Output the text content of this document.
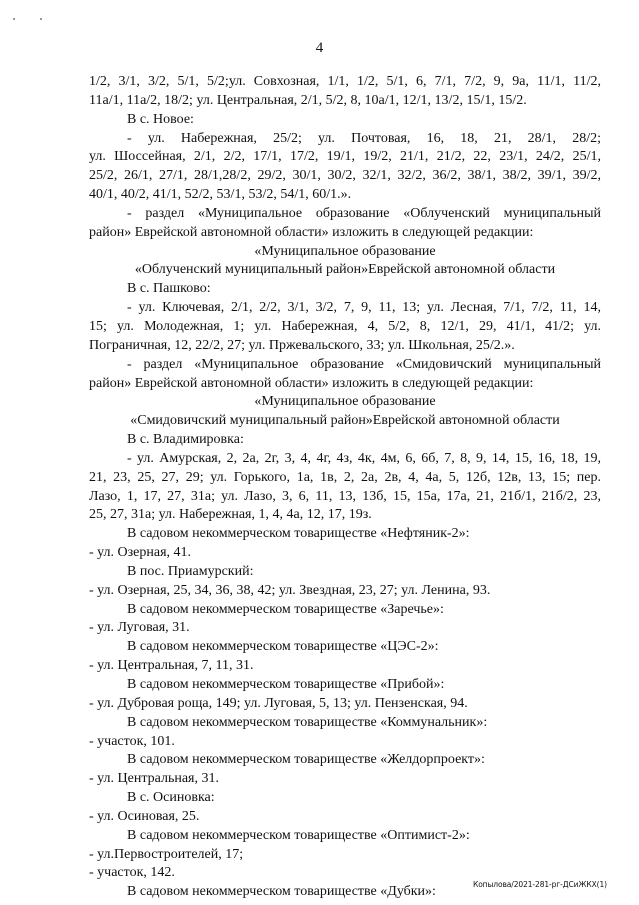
4

1/2, 3/1, 3/2, 5/1, 5/2;ул. Совхозная, 1/1, 1/2, 5/1, 6, 7/1, 7/2, 9, 9а, 11/1, 11/2,

11а/1, 11а/2, 18/2; ул. Центральная, 2/1, 5/2, 8, 10а/1, 12/1, 13/2, 15/1, 15/2.

В с. Новое:

- ул. Набережная, 25/2; ул. Почтовая, 16, 18, 21, 28/1, 28/2;

ул. Шоссейная, 2/1, 2/2, 17/1, 17/2, 19/1, 19/2, 21/1, 21/2, 22, 23/1, 24/2, 25/1,

25/2, 26/1, 27/1, 28/1,28/2, 29/2, 30/1, 30/2, 32/1, 32/2, 36/2, 38/1, 38/2, 39/1, 39/2,

40/1, 40/2, 41/1, 52/2, 53/1, 53/2, 54/1, 60/1.».

- раздел «Муниципальное образование «Облученский муниципальный

район» Еврейской автономной области» изложить в следующей редакции:

«Муниципальное образование

«Облученский муниципальный район»Еврейской автономной области

В с. Пашково:

- ул. Ключевая, 2/1, 2/2, 3/1, 3/2, 7, 9, 11, 13; ул. Лесная, 7/1, 7/2, 11, 14,

15; ул. Молодежная, 1; ул. Набережная, 4, 5/2, 8, 12/1, 29, 41/1, 41/2; ул.

Пограничная, 12, 22/2, 27; ул. Пржевальского, 33; ул. Школьная, 25/2.».

- раздел «Муниципальное образование «Смидовичский муниципальный

район» Еврейской автономной области» изложить в следующей редакции:

«Муниципальное образование

«Смидовичский муниципальный район»Еврейской автономной области

В с. Владимировка:

- ул. Амурская, 2, 2а, 2г, 3, 4, 4г, 4з, 4к, 4м, 6, 6б, 7, 8, 9, 14, 15, 16, 18, 19,

21, 23, 25, 27, 29; ул. Горького, 1а, 1в, 2, 2а, 2в, 4, 4а, 5, 12б, 12в, 13, 15; пер.

Лазо, 1, 17, 27, 31а; ул. Лазо, 3, 6, 11, 13, 13б, 15, 15а, 17а, 21, 21б/1, 21б/2, 23,

25, 27, 31а; ул. Набережная, 1, 4, 4а, 12, 17, 19з.

В садовом некоммерческом товариществе «Нефтяник-2»:

- ул. Озерная, 41.

В пос. Приамурский:

- ул. Озерная, 25, 34, 36, 38, 42; ул. Звездная, 23, 27; ул. Ленина, 93.

В садовом некоммерческом товариществе «Заречье»:

- ул. Луговая, 31.

В садовом некоммерческом товариществе «ЦЭС-2»:

- ул. Центральная, 7, 11, 31.

В садовом некоммерческом товариществе «Прибой»:

- ул. Дубровая роща, 149; ул. Луговая, 5, 13; ул. Пензенская, 94.

В садовом некоммерческом товариществе «Коммунальник»:

- участок, 101.

В садовом некоммерческом товариществе «Желдорпроект»:

- ул. Центральная, 31.

В с. Осиновка:

- ул. Осиновая, 25.

В садовом некоммерческом товариществе «Оптимист-2»:

- ул.Первостроителей, 17;

- участок, 142.

В садовом некоммерческом товариществе «Дубки»:	Копылова/2021-281-рг-ДСиЖКХ(1)
